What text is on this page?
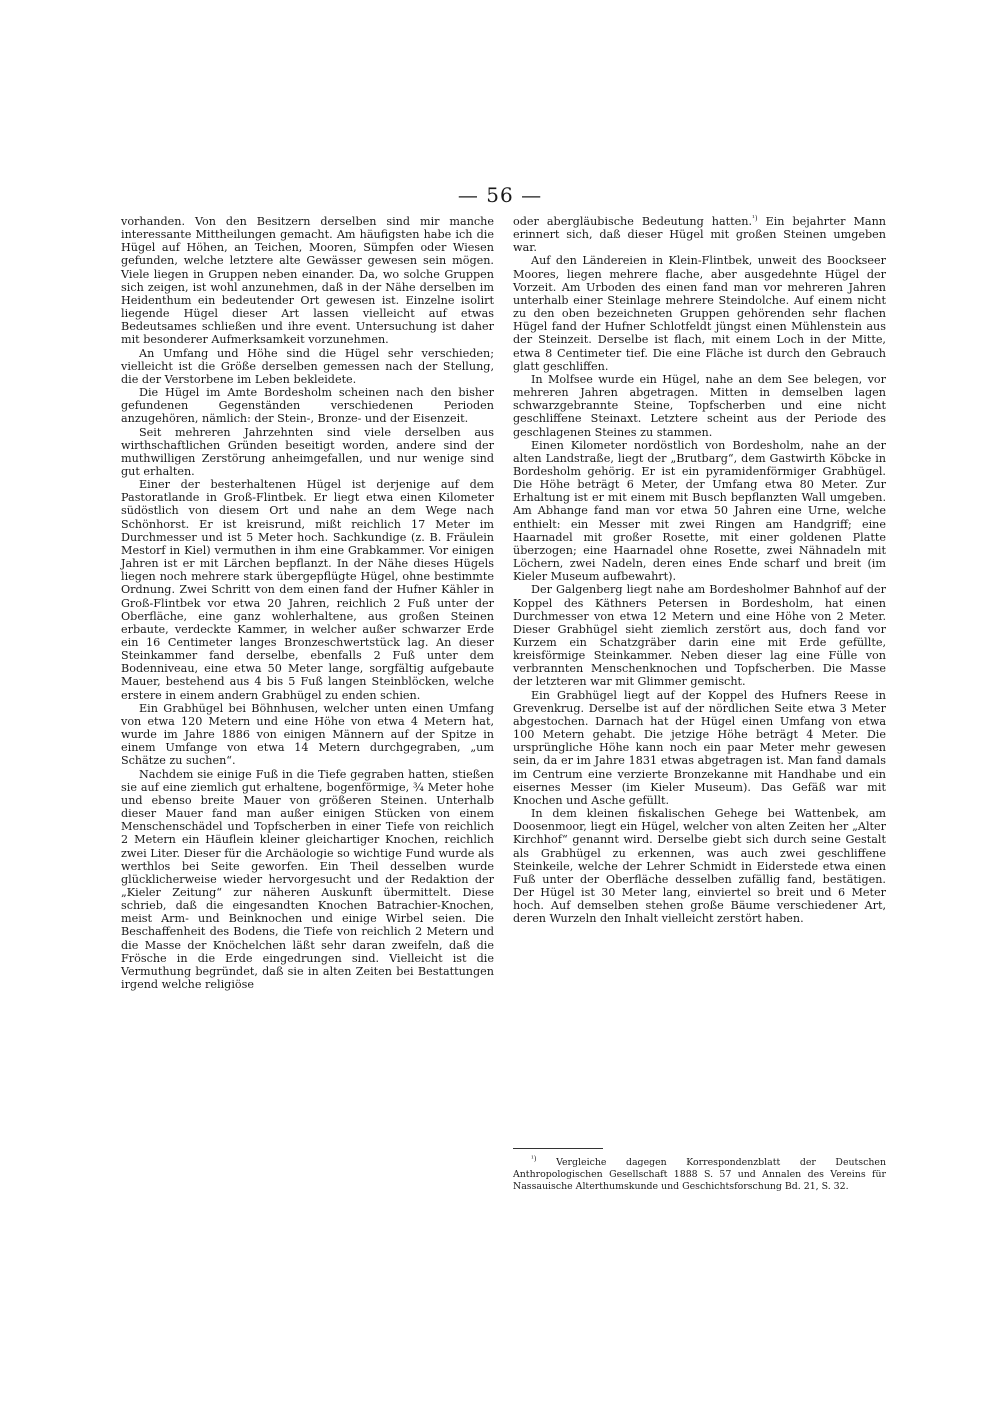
— 56 —

vorhanden. Von den Besitzern derselben sind mir manche interessante Mittheilungen gemacht. Am häufigsten habe ich die Hügel auf Höhen, an Teichen, Mooren, Sümpfen oder Wiesen gefunden, welche letztere alte Gewässer gewesen sein mögen. Viele liegen in Gruppen neben einander. Da, wo solche Gruppen sich zeigen, ist wohl anzunehmen, daß in der Nähe derselben im Heidenthum ein bedeutender Ort gewesen ist. Einzelne isolirt liegende Hügel dieser Art lassen vielleicht auf etwas Bedeutsames schließen und ihre event. Untersuchung ist daher mit besonderer Aufmerksamkeit vorzunehmen.

An Umfang und Höhe sind die Hügel sehr verschieden; vielleicht ist die Größe derselben gemessen nach der Stellung, die der Verstorbene im Leben bekleidete.

Die Hügel im Amte Bordesholm scheinen nach den bisher gefundenen Gegenständen verschiedenen Perioden anzugehören, nämlich: der Stein-, Bronze- und der Eisenzeit.

Seit mehreren Jahrzehnten sind viele derselben aus wirthschaftlichen Gründen beseitigt worden, andere sind der muthwilligen Zerstörung anheimgefallen, und nur wenige sind gut erhalten.

Einer der besterhaltenen Hügel ist derjenige auf dem Pastoratlande in Groß-Flintbek. Er liegt etwa einen Kilometer südöstlich von diesem Ort und nahe an dem Wege nach Schönhorst. Er ist kreisrund, mißt reichlich 17 Meter im Durchmesser und ist 5 Meter hoch. Sachkundige (z. B. Fräulein Mestorf in Kiel) vermuthen in ihm eine Grabkammer. Vor einigen Jahren ist er mit Lärchen bepflanzt. In der Nähe dieses Hügels liegen noch mehrere stark übergepflügte Hügel, ohne bestimmte Ordnung. Zwei Schritt von dem einen fand der Hufner Kähler in Groß-Flintbek vor etwa 20 Jahren, reichlich 2 Fuß unter der Oberfläche, eine ganz wohlerhaltene, aus großen Steinen erbaute, verdeckte Kammer, in welcher außer schwarzer Erde ein 16 Centimeter langes Bronzeschwertstück lag. An dieser Steinkammer fand derselbe, ebenfalls 2 Fuß unter dem Bodenniveau, eine etwa 50 Meter lange, sorgfältig aufgebaute Mauer, bestehend aus 4 bis 5 Fuß langen Steinblöcken, welche erstere in einem andern Grabhügel zu enden schien.

Ein Grabhügel bei Böhnhusen, welcher unten einen Umfang von etwa 120 Metern und eine Höhe von etwa 4 Metern hat, wurde im Jahre 1886 von einigen Männern auf der Spitze in einem Umfange von etwa 14 Metern durchgegraben, „um Schätze zu suchen“.

Nachdem sie einige Fuß in die Tiefe gegraben hatten, stießen sie auf eine ziemlich gut erhaltene, bogenförmige, ¾ Meter hohe und ebenso breite Mauer von größeren Steinen. Unterhalb dieser Mauer fand man außer einigen Stücken von einem Menschenschädel und Topfscherben in einer Tiefe von reichlich 2 Metern ein Häuflein kleiner gleichartiger Knochen, reichlich zwei Liter. Dieser für die Archäologie so wichtige Fund wurde als werthlos bei Seite geworfen. Ein Theil desselben wurde glücklicherweise wieder hervorgesucht und der Redaktion der „Kieler Zeitung“ zur näheren Auskunft übermittelt. Diese schrieb, daß die eingesandten Knochen Batrachier-Knochen, meist Arm- und Beinknochen und einige Wirbel seien. Die Beschaffenheit des Bodens, die Tiefe von reichlich 2 Metern und die Masse der Knöchelchen läßt sehr daran zweifeln, daß die Frösche in die Erde eingedrungen sind. Vielleicht ist die Vermuthung begründet, daß sie in alten Zeiten bei Bestattungen irgend welche religiöse

oder abergläubische Bedeutung hatten.$^{^1)}$ Ein bejahrter Mann erinnert sich, daß dieser Hügel mit großen Steinen umgeben war.

Auf den Ländereien in Klein-Flintbek, unweit des Boockseer Moores, liegen mehrere flache, aber ausgedehnte Hügel der Vorzeit. Am Urboden des einen fand man vor mehreren Jahren unterhalb einer Steinlage mehrere Steindolche. Auf einem nicht zu den oben bezeichneten Gruppen gehörenden sehr flachen Hügel fand der Hufner Schlotfeldt jüngst einen Mühlenstein aus der Steinzeit. Derselbe ist flach, mit einem Loch in der Mitte, etwa 8 Centimeter tief. Die eine Fläche ist durch den Gebrauch glatt geschliffen.

In Molfsee wurde ein Hügel, nahe an dem See belegen, vor mehreren Jahren abgetragen. Mitten in demselben lagen schwarzgebrannte Steine, Topfscherben und eine nicht geschliffene Steinaxt. Letztere scheint aus der Periode des geschlagenen Steines zu stammen.

Einen Kilometer nordöstlich von Bordesholm, nahe an der alten Landstraße, liegt der „Brutbarg“, dem Gastwirth Köbcke in Bordesholm gehörig. Er ist ein pyramidenförmiger Grabhügel. Die Höhe beträgt 6 Meter, der Umfang etwa 80 Meter. Zur Erhaltung ist er mit einem mit Busch bepflanzten Wall umgeben. Am Abhange fand man vor etwa 50 Jahren eine Urne, welche enthielt: ein Messer mit zwei Ringen am Handgriff; eine Haarnadel mit großer Rosette, mit einer goldenen Platte überzogen; eine Haarnadel ohne Rosette, zwei Nähnadeln mit Löchern, zwei Nadeln, deren eines Ende scharf und breit (im Kieler Museum aufbewahrt).

Der Galgenberg liegt nahe am Bordesholmer Bahnhof auf der Koppel des Käthners Petersen in Bordesholm, hat einen Durchmesser von etwa 12 Metern und eine Höhe von 2 Meter. Dieser Grabhügel sieht ziemlich zerstört aus, doch fand vor Kurzem ein Schatzgräber darin eine mit Erde gefüllte, kreisförmige Steinkammer. Neben dieser lag eine Fülle von verbrannten Menschenknochen und Topfscherben. Die Masse der letzteren war mit Glimmer gemischt.

Ein Grabhügel liegt auf der Koppel des Hufners Reese in Grevenkrug. Derselbe ist auf der nördlichen Seite etwa 3 Meter abgestochen. Darnach hat der Hügel einen Umfang von etwa 100 Metern gehabt. Die jetzige Höhe beträgt 4 Meter. Die ursprüngliche Höhe kann noch ein paar Meter mehr gewesen sein, da er im Jahre 1831 etwas abgetragen ist. Man fand damals im Centrum eine verzierte Bronzekanne mit Handhabe und ein eisernes Messer (im Kieler Museum). Das Gefäß war mit Knochen und Asche gefüllt.

In dem kleinen fiskalischen Gehege bei Wattenbek, am Doosenmoor, liegt ein Hügel, welcher von alten Zeiten her „Alter Kirchhof“ genannt wird. Derselbe giebt sich durch seine Gestalt als Grabhügel zu erkennen, was auch zwei geschliffene Steinkeile, welche der Lehrer Schmidt in Eiderstede etwa einen Fuß unter der Oberfläche desselben zufällig fand, bestätigen. Der Hügel ist 30 Meter lang, einviertel so breit und 6 Meter hoch. Auf demselben stehen große Bäume verschiedener Art, deren Wurzeln den Inhalt vielleicht zerstört haben.

$^{^1)}$ Vergleiche dagegen Korrespondenzblatt der Deutschen Anthropologischen Gesellschaft 1888 S. 57 und Annalen des Vereins für Nassauische Alterthumskunde und Geschichtsforschung Bd. 21, S. 32.
